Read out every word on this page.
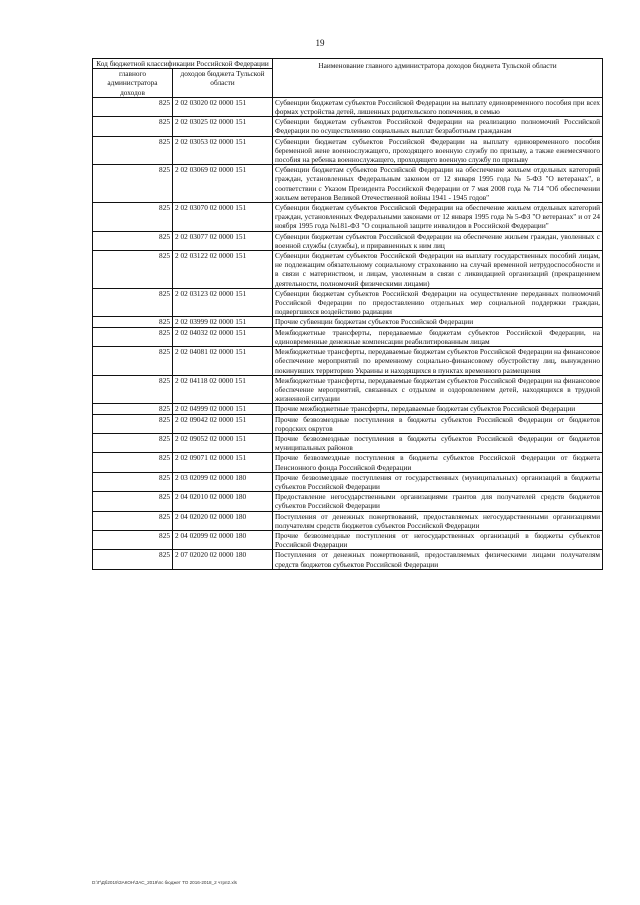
19
Код бюджетной классификации Российской Федерации		Наименование главного администратора доходов бюджета Тульской области
главного администратора доходов	доходов бюджета Тульской области	
825	2 02 03020 02 0000 151	Субвенции бюджетам субъектов Российской Федерации на выплату единовременного пособия при всех формах устройства детей, лишенных родительского попечения, в семью
825	2 02 03025 02 0000 151	Субвенции бюджетам субъектов Российской Федерации на реализацию полномочий Российской Федерации по осуществлению социальных выплат безработным гражданам
825	2 02 03053 02 0000 151	Субвенции бюджетам субъектов Российской Федерации на выплату единовременного пособия беременной жене военнослужащего, проходящего военную службу по призыву, а также ежемесячного пособия на ребенка военнослужащего, проходящего военную службу по призыву
825	2 02 03069 02 0000 151	Субвенции бюджетам субъектов Российской Федерации на обеспечение жильем отдельных категорий граждан, установленных Федеральным законом от 12 января 1995 года № 5-ФЗ "О ветеранах", в соответствии с Указом Президента Российской Федерации от 7 мая 2008 года № 714 "Об обеспечении жильем ветеранов Великой Отечественной войны 1941 - 1945 годов"
825	2 02 03070 02 0000 151	Субвенции бюджетам субъектов Российской Федерации на обеспечение жильем отдельных категорий граждан, установленных Федеральными законами от 12 января 1995 года № 5-ФЗ "О ветеранах" и от 24 ноября 1995 года №181-ФЗ "О социальной защите инвалидов в Российской Федерации"
825	2 02 03077 02 0000 151	Субвенции бюджетам субъектов Российской Федерации на обеспечение жильем граждан, уволенных с военной службы (службы), и приравненных к ним лиц
825	2 02 03122 02 0000 151	Субвенции бюджетам субъектов Российской Федерации на выплату государственных пособий лицам, не подлежащим обязательному социальному страхованию на случай временной нетрудоспособности и в связи с материнством, и лицам, уволенным в связи с ликвидацией организаций (прекращением деятельности, полномочий физическими лицами)
825	2 02 03123 02 0000 151	Субвенции бюджетам субъектов Российской Федерации на осуществление переданных полномочий Российской Федерации по предоставлению отдельных мер социальной поддержки граждан, подвергшихся воздействию радиации
825	2 02 03999 02 0000 151	Прочие субвенции бюджетам субъектов Российской Федерации
825	2 02 04032 02 0000 151	Межбюджетные трансферты, передаваемые бюджетам субъектов Российской Федерации, на единовременные денежные компенсации реабилитированным лицам
825	2 02 04081 02 0000 151	Межбюджетные трансферты, передаваемые бюджетам субъектов Российской Федерации на финансовое обеспечение мероприятий по временному социально-финансовому обустройству лиц, вынужденно покинувших территорию Украины и находящихся в пунктах временного размещения
825	2 02 04118 02 0000 151	Межбюджетные трансферты, передаваемые бюджетам субъектов Российской Федерации на финансовое обеспечение мероприятий, связанных с отдыхом и оздоровлением детей, находящихся в трудной жизненной ситуации
825	2 02 04999 02 0000 151	Прочие межбюджетные трансферты, передаваемые бюджетам субъектов Российской Федерации
825	2 02 09042 02 0000 151	Прочие безвозмездные поступления в бюджеты субъектов Российской Федерации от бюджетов городских округов
825	2 02 09052 02 0000 151	Прочие безвозмездные поступления в бюджеты субъектов Российской Федерации от бюджетов муниципальных районов
825	2 02 09071 02 0000 151	Прочие безвозмездные поступления в бюджеты субъектов Российской Федерации от бюджета Пенсионного фонда Российской Федерации
825	2 03 02099 02 0000 180	Прочие безвозмездные поступления от государственных (муниципальных) организаций в бюджеты субъектов Российской Федерации
825	2 04 02010 02 0000 180	Предоставление негосударственными организациями грантов для получателей средств бюджетов субъектов Российской Федерации
825	2 04 02020 02 0000 180	Поступления от денежных пожертвований, предоставляемых негосударственными организациями получателям средств бюджетов субъектов Российской Федерации
825	2 04 02099 02 0000 180	Прочие безвозмездные поступления от негосударственных организаций в бюджеты субъектов Российской Федерации
825	2 07 02020 02 0000 180	Поступления от денежных пожертвований, предоставляемых физическими лицами получателям средств бюджетов субъектов Российской Федерации
D:\Г\Дб2019\ЗАКОН\ЗАС_2019\пс бюджет ТО 2016-2018_2 чтрп2.xls
